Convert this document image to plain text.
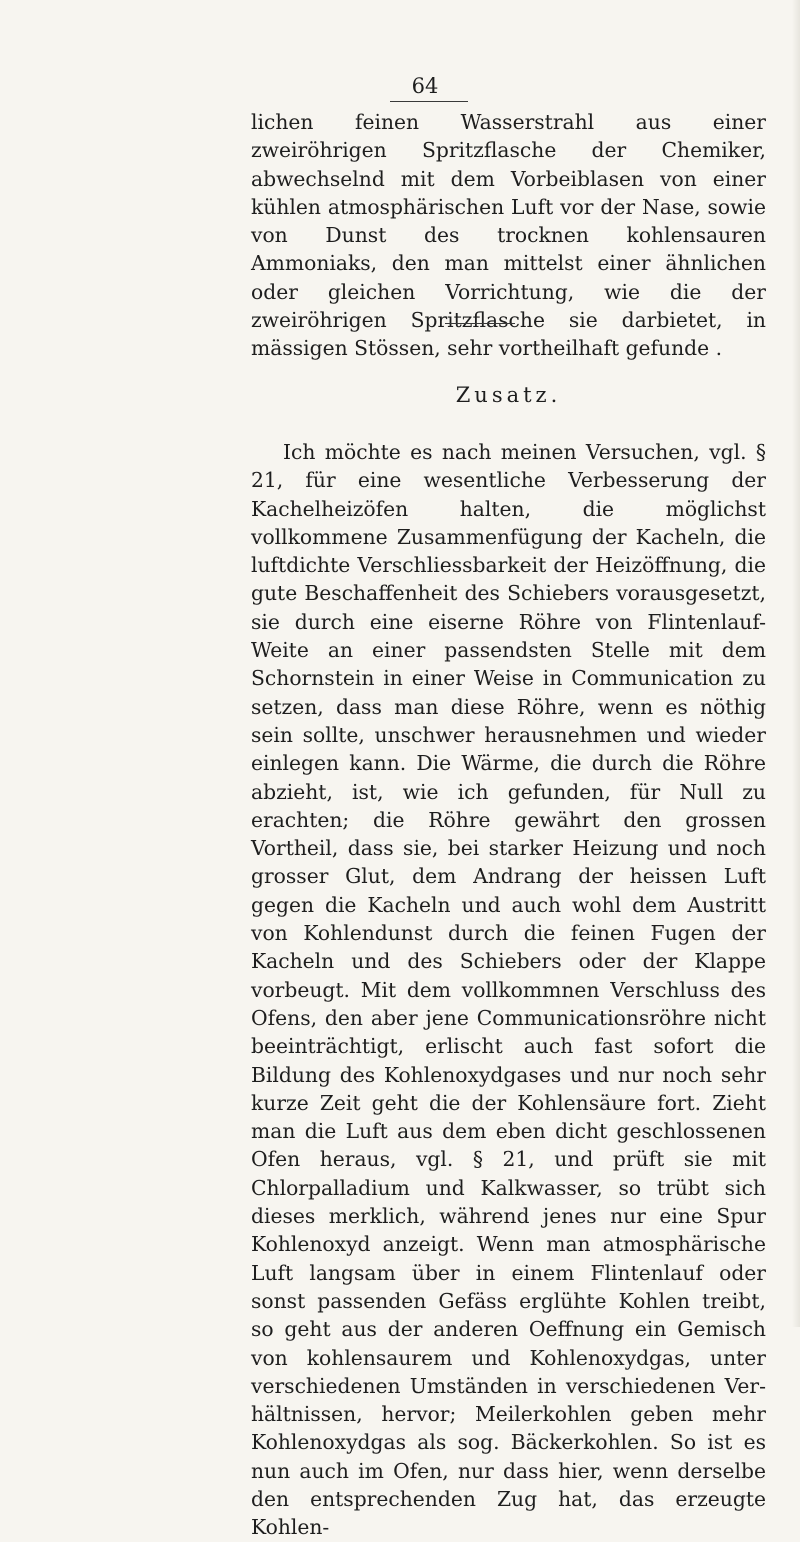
64
lichen feinen Wasserstrahl aus einer zweiröhrigen Spritzflasche der Chemiker, abwechselnd mit dem Vorbeiblasen von einer kühlen atmosphärischen Luft vor der Nase, sowie von Dunst des trocknen kohlensauren Ammoniaks, den man mittelst einer ähnlichen oder gleichen Vorrichtung, wie die der zweiröhrigen Spritzflasche sie darbietet, in mässigen Stössen, sehr vortheilhaft gefunde .
Zusatz.
Ich möchte es nach meinen Versuchen, vgl. § 21, für eine wesentliche Verbesserung der Kachelheizöfen halten, die möglichst vollkommene Zusammenfügung der Kacheln, die luftdichte Verschliessbarkeit der Heizöffnung, die gute Beschaffenheit des Schiebers vorausgesetzt, sie durch eine eiserne Röhre von Flintenlauf-Weite an einer passendsten Stelle mit dem Schornstein in einer Weise in Communication zu setzen, dass man diese Röhre, wenn es nöthig sein sollte, unschwer herausnehmen und wieder einlegen kann. Die Wärme, die durch die Röhre abzieht, ist, wie ich gefunden, für Null zu erachten; die Röhre gewährt den grossen Vortheil, dass sie, bei starker Heizung und noch grosser Glut, dem Andrang der heissen Luft gegen die Kacheln und auch wohl dem Austritt von Kohlendunst durch die feinen Fugen der Kacheln und des Schiebers oder der Klappe vorbeugt. Mit dem vollkommnen Verschluss des Ofens, den aber jene Communicationsröhre nicht beeinträchtigt, erlischt auch fast sofort die Bildung des Kohlenoxydgases und nur noch sehr kurze Zeit geht die der Kohlensäure fort. Zieht man die Luft aus dem eben dicht geschlossenen Ofen heraus, vgl. § 21, und prüft sie mit Chlorpalladium und Kalkwasser, so trübt sich dieses merklich, während jenes nur eine Spur Kohlenoxyd anzeigt. Wenn man atmosphärische Luft langsam über in einem Flintenlauf oder sonst passenden Gefäss erglühte Kohlen treibt, so geht aus der anderen Oeffnung ein Gemisch von kohlensaurem und Kohlenoxydgas, unter verschiedenen Umständen in verschiedenen Verhältnissen, hervor; Meilerkohlen geben mehr Kohlenoxydgas als sog. Bäckerkohlen. So ist es nun auch im Ofen, nur dass hier, wenn derselbe den entsprechenden Zug hat, das erzeugte Kohlen-
